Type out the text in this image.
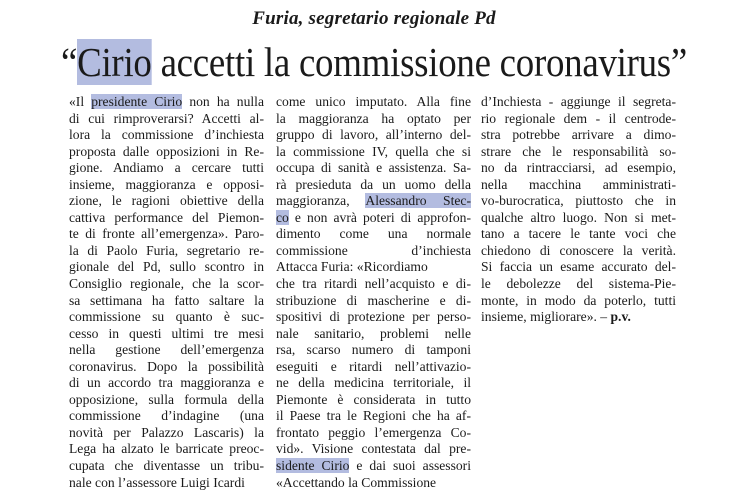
Furia, segretario regionale Pd
“Cirio accetti la commissione coronavirus”
«Il presidente Cirio non ha nulla
di cui rimproverarsi? Accetti al-
lora la commissione d’inchiesta
proposta dalle opposizioni in Re-
gione. Andiamo a cercare tutti
insieme, maggioranza e opposi-
zione, le ragioni obiettive della
cattiva performance del Piemon-
te di fronte all’emergenza». Paro-
la di Paolo Furia, segretario re-
gionale del Pd, sullo scontro in
Consiglio regionale, che la scor-
sa settimana ha fatto saltare la
commissione su quanto è suc-
cesso in questi ultimi tre mesi
nella gestione dell’emergenza
coronavirus. Dopo la possibilità
di un accordo tra maggioranza e
opposizione, sulla formula della
commissione d’indagine (una
novità per Palazzo Lascaris) la
Lega ha alzato le barricate preoc-
cupata che diventasse un tribu-
nale con l’assessore Luigi Icardi
come unico imputato. Alla fine
la maggioranza ha optato per
gruppo di lavoro, all’interno del-
la commissione IV, quella che si
occupa di sanità e assistenza. Sa-
rà presieduta da un uomo della
maggioranza, Alessandro Stec-
co e non avrà poteri di approfon-
dimento come una normale
commissione d’inchiesta
Attacca Furia: «Ricordiamo
che tra ritardi nell’acquisto e di-
stribuzione di mascherine e di-
spositivi di protezione per perso-
nale sanitario, problemi nelle
rsa, scarso numero di tamponi
eseguiti e ritardi nell’attivazio-
ne della medicina territoriale, il
Piemonte è considerata in tutto
il Paese tra le Regioni che ha af-
frontato peggio l’emergenza Co-
vid». Visione contestata dal pre-
sidente Cirio e dai suoi assessori
«Accettando la Commissione
d’Inchiesta - aggiunge il segreta-
rio regionale dem - il centrode-
stra potrebbe arrivare a dimo-
strare che le responsabilità so-
no da rintracciarsi, ad esempio,
nella macchina amministrati-
vo-burocratica, piuttosto che in
qualche altro luogo. Non si met-
tano a tacere le tante voci che
chiedono di conoscere la verità.
Si faccia un esame accurato del-
le debolezze del sistema-Pie-
monte, in modo da poterlo, tutti
insieme, migliorare». – p.v.
